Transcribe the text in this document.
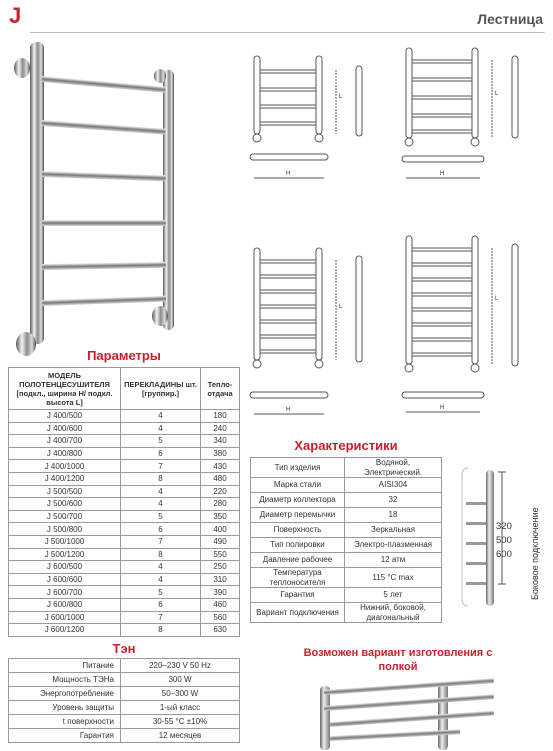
J	Лестница
L
H
L
H
L
H
L
H
Параметры
МОДЕЛЬ ПОЛОТЕНЦЕСУШИТЕЛЯ [подкл., ширина H/ подкл. высота L]	ПЕРЕКЛАДИНЫ шт. [группир.]	Тепло-отдача
J 400/500	4	180
J 400/600	4	240
J 400/700	5	340
J 400/800	6	380
J 400/1000	7	430
J 400/1200	8	480
J 500/500	4	220
J 500/600	4	280
J 500/700	5	350
J 500/800	6	400
J 500/1000	7	490
J 500/1200	8	550
J 600/500	4	250
J 600/600	4	310
J 600/700	5	390
J 600/800	6	460
J 600/1000	7	560
J 600/1200	8	630
Тэн
Питание	220–230 V 50 Hz
Мощность ТЭНа	300 W
Энергопотребление	50–300 W
Уровень защиты	1-ый класс
t поверхности	30-55 °C ±10%
Гарантия	12 месяцев
Характеристики
Тип изделия	Водяной, Электрический.
Марка стали	AISI304
Диаметр коллектора	32
Диаметр перемычки	18
Поверхность	Зеркальная
Тип полировки	Электро-плазменная
Давление рабочее	12 атм
Температура теплоносителя	115 °C max
Гарантия	5 лет
Вариант подключения	Нижний, боковой, диагональный
320
500
600 Боковое подключение
Возможен вариант изготовления с полкой
